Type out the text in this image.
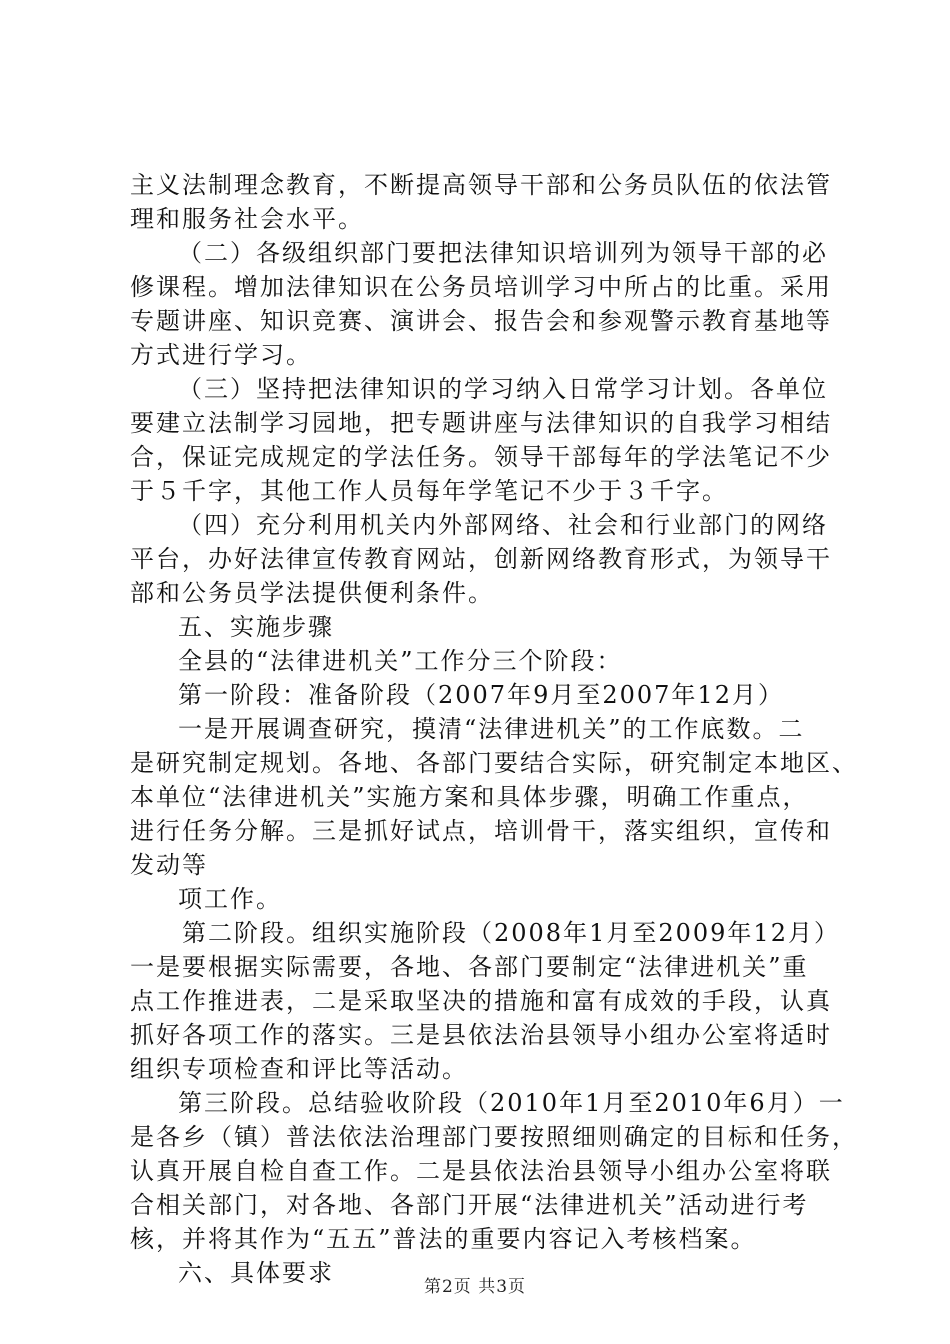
主义法制理念教育，不断提高领导干部和公务员队伍的依法管
理和服务社会水平。
（二）各级组织部门要把法律知识培训列为领导干部的必
修课程。增加法律知识在公务员培训学习中所占的比重。采用
专题讲座、知识竞赛、演讲会、报告会和参观警示教育基地等
方式进行学习。
（三）坚持把法律知识的学习纳入日常学习计划。各单位
要建立法制学习园地，把专题讲座与法律知识的自我学习相结
合，保证完成规定的学法任务。领导干部每年的学法笔记不少
于５千字，其他工作人员每年学笔记不少于３千字。
（四）充分利用机关内外部网络、社会和行业部门的网络
平台，办好法律宣传教育网站，创新网络教育形式，为领导干
部和公务员学法提供便利条件。
五、实施步骤
全县的“法律进机关”工作分三个阶段：
第一阶段：准备阶段（2007年9月至2007年12月）
一是开展调查研究，摸清“法律进机关”的工作底数。二
是研究制定规划。各地、各部门要结合实际，研究制定本地区、
本单位“法律进机关”实施方案和具体步骤，明确工作重点，
进行任务分解。三是抓好试点，培训骨干，落实组织，宣传和
发动等
项工作。
第二阶段。组织实施阶段（2008年1月至2009年12月）
一是要根据实际需要，各地、各部门要制定“法律进机关”重
点工作推进表，二是采取坚决的措施和富有成效的手段，认真
抓好各项工作的落实。三是县依法治县领导小组办公室将适时
组织专项检查和评比等活动。
第三阶段。总结验收阶段（2010年1月至2010年6月）一
是各乡（镇）普法依法治理部门要按照细则确定的目标和任务，
认真开展自检自查工作。二是县依法治县领导小组办公室将联
合相关部门，对各地、各部门开展“法律进机关”活动进行考
核，并将其作为“五五”普法的重要内容记入考核档案。
六、具体要求	第2页 共3页
